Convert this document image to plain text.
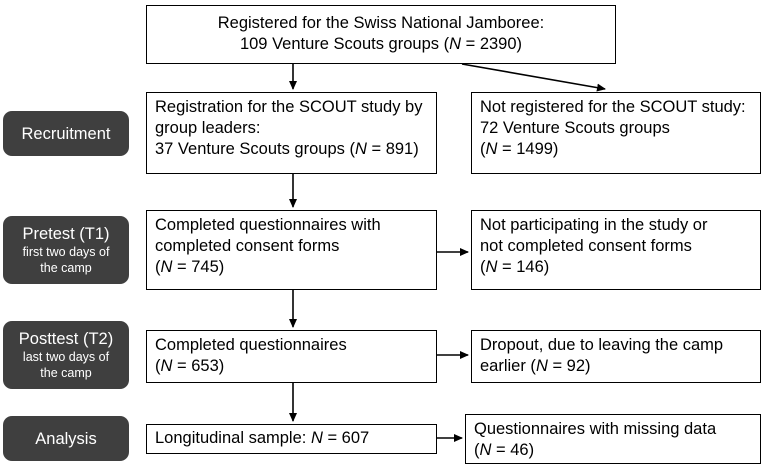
Registered for the Swiss National Jamboree:
109 Venture Scouts groups (N = 2390)
Recruitment
Registration for the SCOUT study by
group leaders:
37 Venture Scouts groups (N = 891)
Not registered for the SCOUT study:
72 Venture Scouts groups
(N = 1499)
Pretest (T1)
first two days of
the camp
Completed questionnaires with
completed consent forms
(N = 745)
Not participating in the study or
not completed consent forms
(N = 146)
Posttest (T2)
last two days of
the camp
Completed questionnaires
(N = 653)
Dropout, due to leaving the camp
earlier (N = 92)
Analysis	Longitudinal sample: N = 607	Questionnaires with missing data
(N = 46)
